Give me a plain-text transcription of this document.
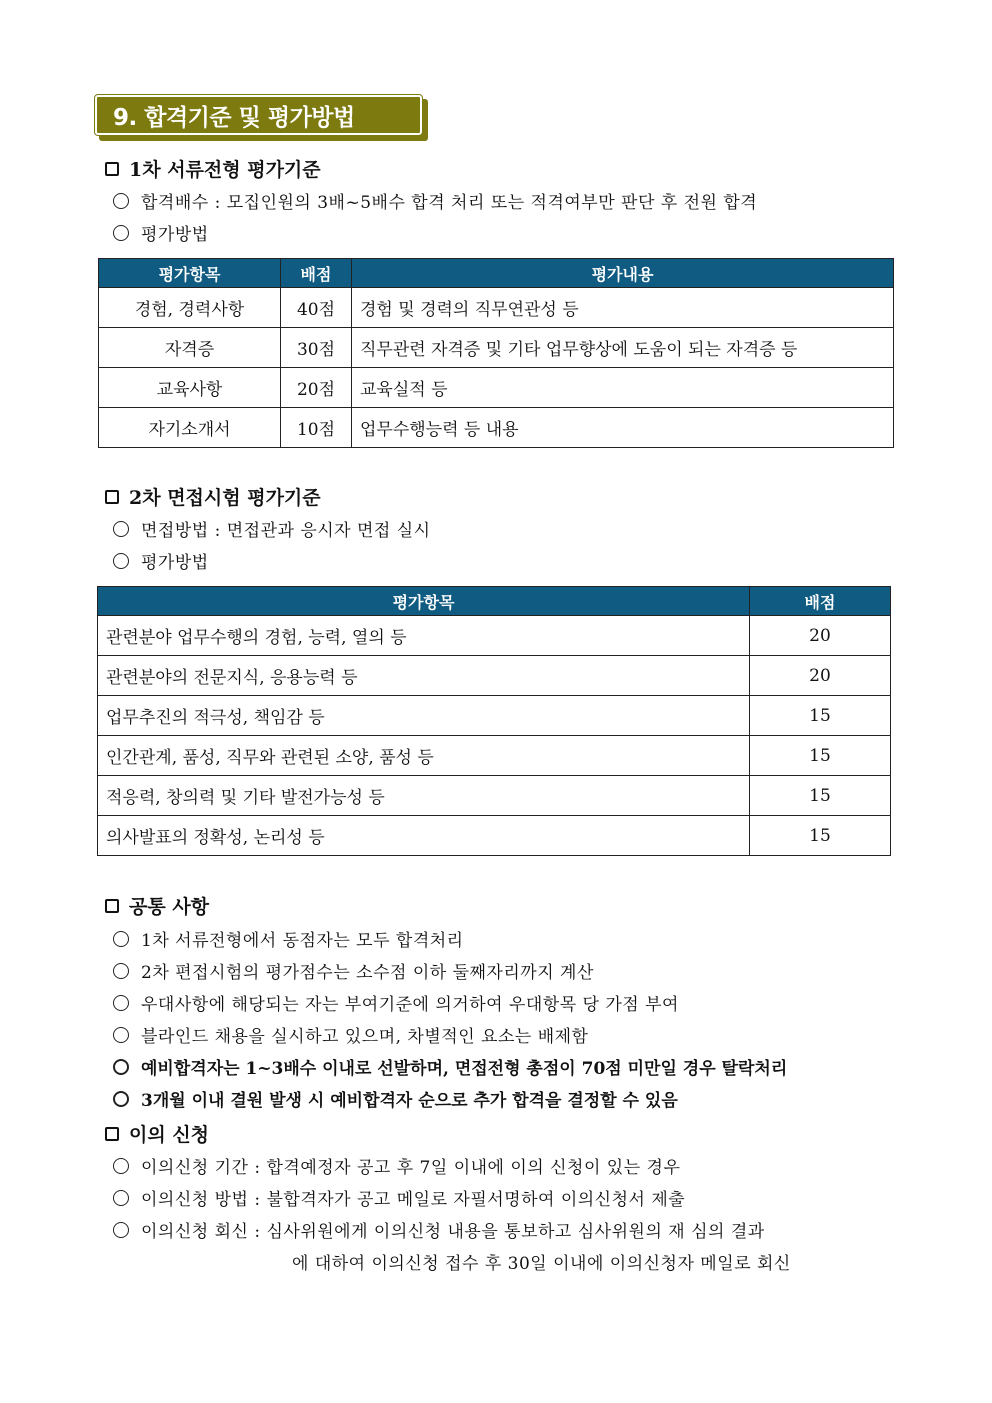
9. 합격기준 및 평가방법
1차 서류전형 평가기준
합격배수 : 모집인원의 3배~5배수 합격 처리 또는 적격여부만 판단 후 전원 합격
평가방법
평가항목	배점	평가내용
경험, 경력사항	40점	경험 및 경력의 직무연관성 등
자격증	30점	직무관련 자격증 및 기타 업무향상에 도움이 되는 자격증 등
교육사항	20점	교육실적 등
자기소개서	10점	업무수행능력 등 내용
2차 면접시험 평가기준
면접방법 : 면접관과 응시자 면접 실시
평가방법
평가항목	배점
관련분야 업무수행의 경험, 능력, 열의 등	20
관련분야의 전문지식, 응용능력 등	20
업무추진의 적극성, 책임감 등	15
인간관계, 품성, 직무와 관련된 소양, 품성 등	15
적응력, 창의력 및 기타 발전가능성 등	15
의사발표의 정확성, 논리성 등	15
공통 사항
1차 서류전형에서 동점자는 모두 합격처리
2차 편접시험의 평가점수는 소수점 이하 둘째자리까지 계산
우대사항에 해당되는 자는 부여기준에 의거하여 우대항목 당 가점 부여
블라인드 채용을 실시하고 있으며, 차별적인 요소는 배제함
예비합격자는 1~3배수 이내로 선발하며, 면접전형 총점이 70점 미만일 경우 탈락처리
3개월 이내 결원 발생 시 예비합격자 순으로 추가 합격을 결정할 수 있음
이의 신청
이의신청 기간 : 합격예정자 공고 후 7일 이내에 이의 신청이 있는 경우
이의신청 방법 : 불합격자가 공고 메일로 자필서명하여 이의신청서 제출
이의신청 회신 : 심사위원에게 이의신청 내용을 통보하고 심사위원의 재 심의 결과
에 대하여 이의신청 접수 후 30일 이내에 이의신청자 메일로 회신
